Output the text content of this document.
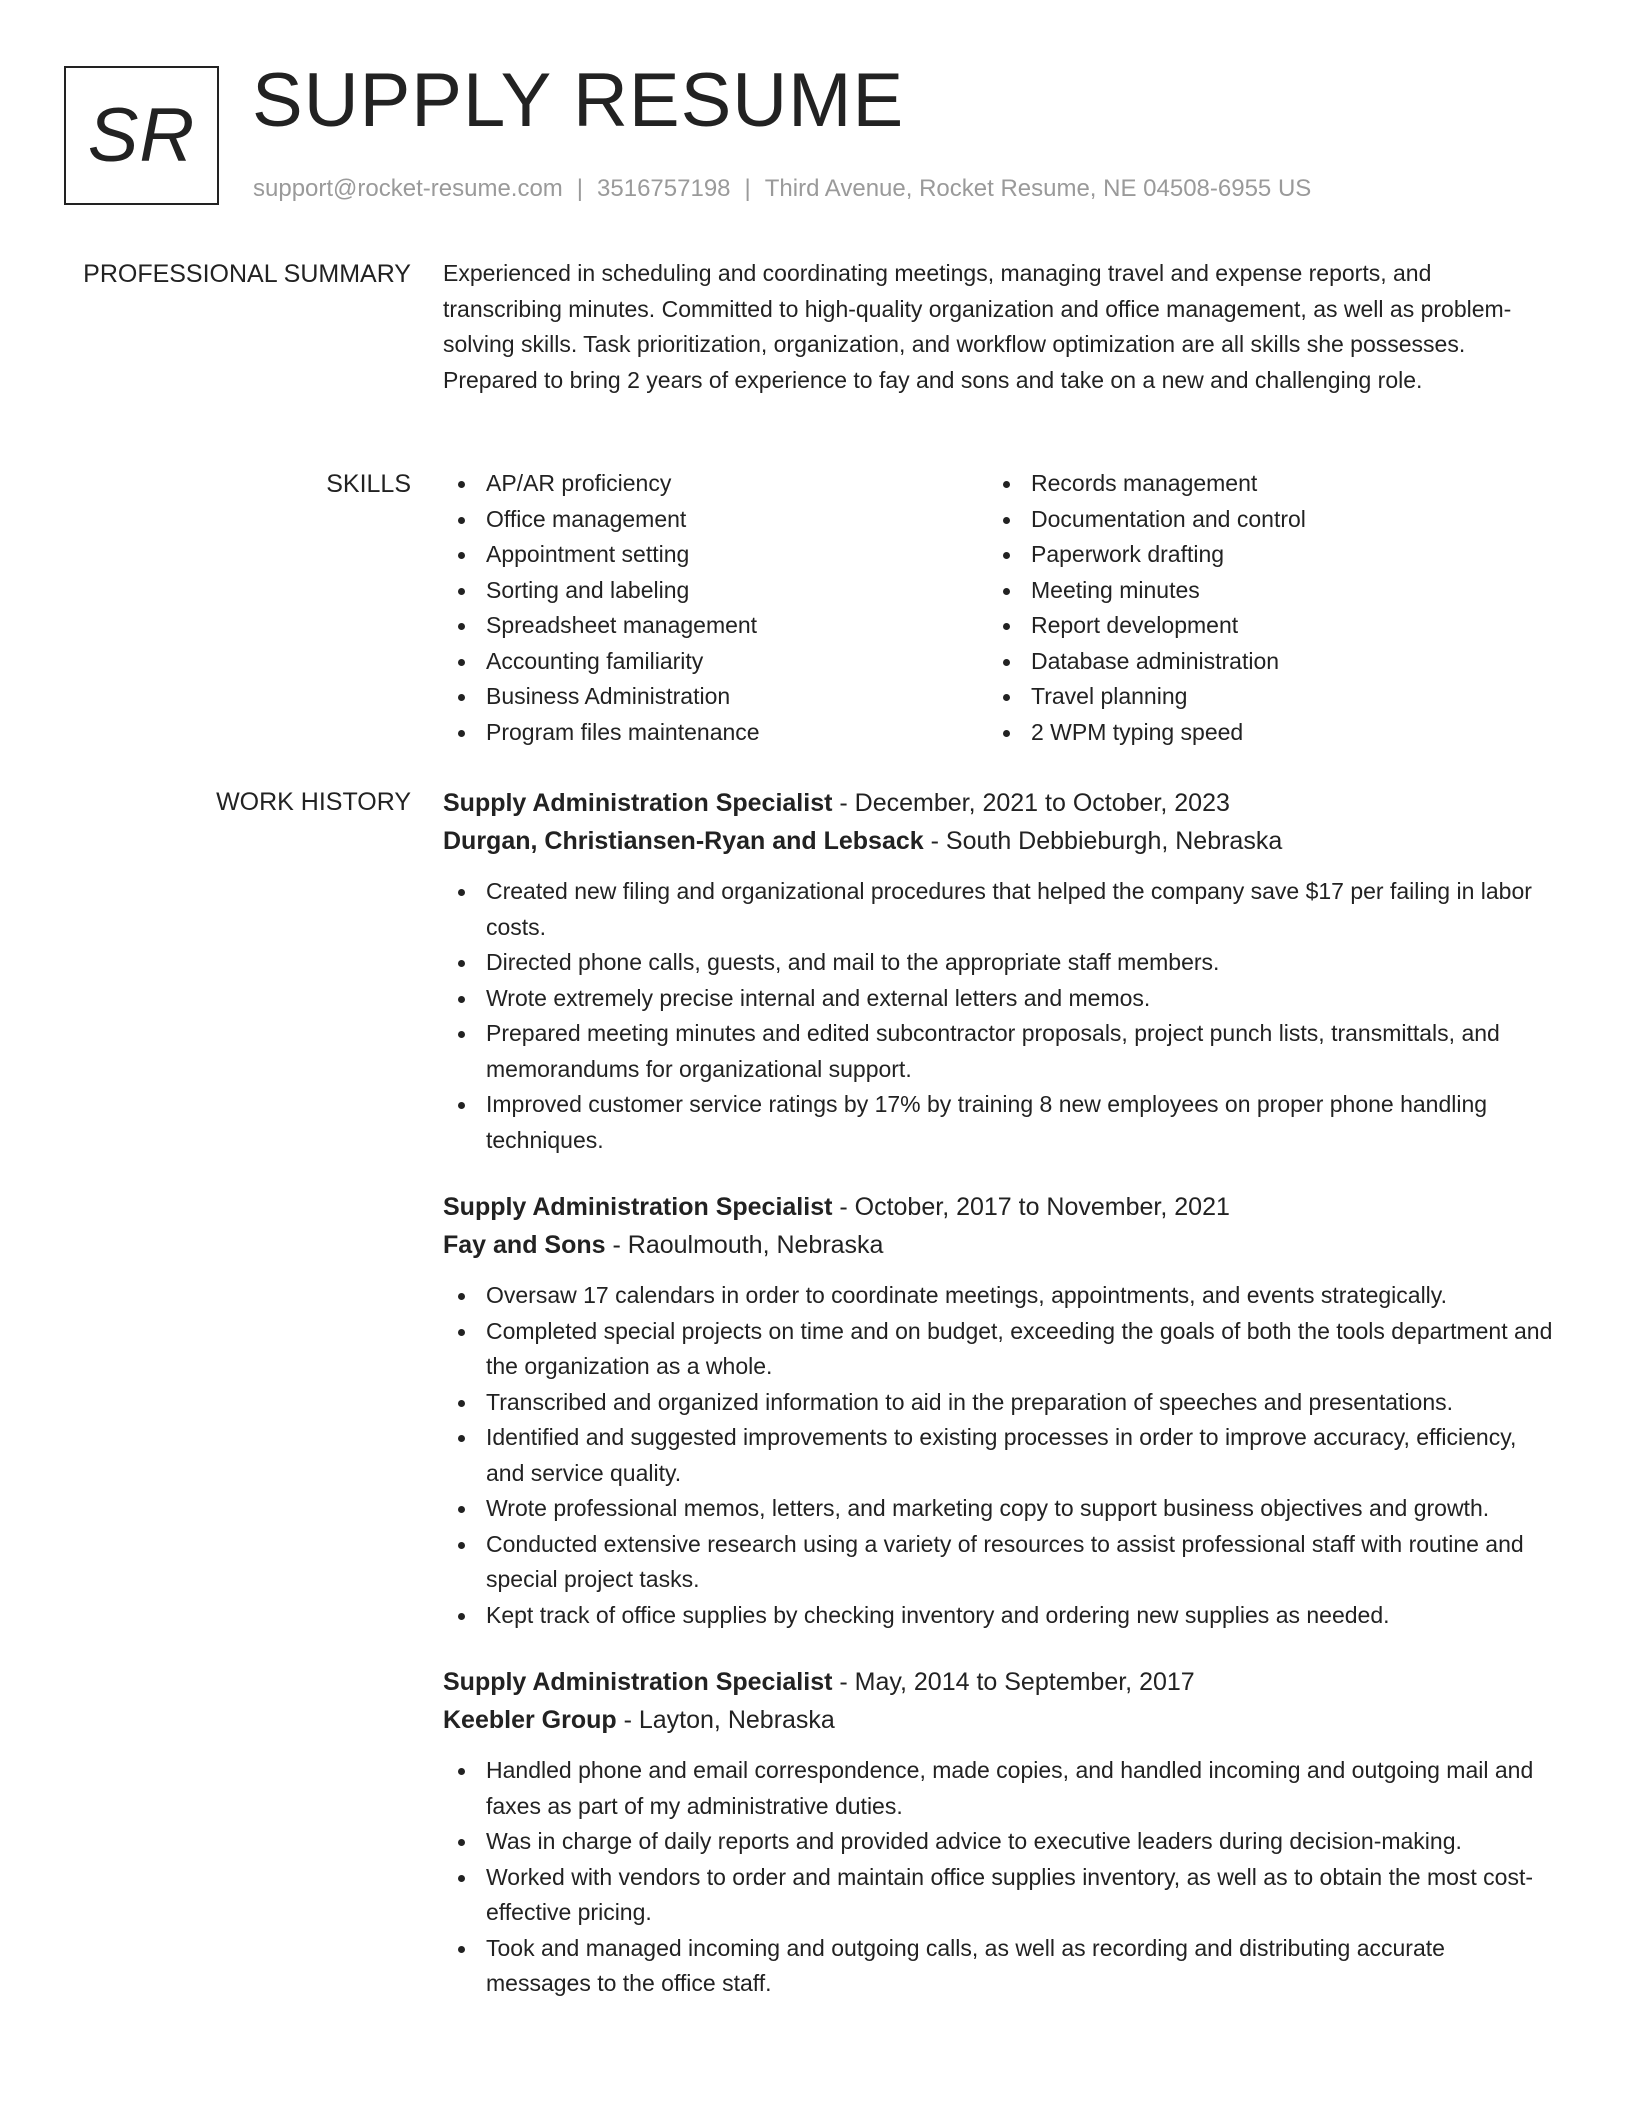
SR SUPPLY RESUME
support@rocket-resume.com | 3516757198 | Third Avenue, Rocket Resume, NE 04508-6955 US
PROFESSIONAL SUMMARY Experienced in scheduling and coordinating meetings, managing travel and expense reports, and transcribing minutes. Committed to high-quality organization and office management, as well as problem-solving skills. Task prioritization, organization, and workflow optimization are all skills she possesses. Prepared to bring 2 years of experience to fay and sons and take on a new and challenging role.
SKILLS	AP/AR proficiency
Office management
Appointment setting
Sorting and labeling
Spreadsheet management
Accounting familiarity
Business Administration
Program files maintenance
Records management
Documentation and control
Paperwork drafting
Meeting minutes
Report development
Database administration
Travel planning
2 WPM typing speed
WORK HISTORY Supply Administration Specialist - December, 2021 to October, 2023
Durgan, Christiansen-Ryan and Lebsack - South Debbieburgh, Nebraska
Created new filing and organizational procedures that helped the company save $17 per failing in labor costs.
Directed phone calls, guests, and mail to the appropriate staff members.
Wrote extremely precise internal and external letters and memos.
Prepared meeting minutes and edited subcontractor proposals, project punch lists, transmittals, and memorandums for organizational support.
Improved customer service ratings by 17% by training 8 new employees on proper phone handling techniques.
Supply Administration Specialist - October, 2017 to November, 2021
Fay and Sons - Raoulmouth, Nebraska
Oversaw 17 calendars in order to coordinate meetings, appointments, and events strategically.
Completed special projects on time and on budget, exceeding the goals of both the tools department and the organization as a whole.
Transcribed and organized information to aid in the preparation of speeches and presentations.
Identified and suggested improvements to existing processes in order to improve accuracy, efficiency, and service quality.
Wrote professional memos, letters, and marketing copy to support business objectives and growth.
Conducted extensive research using a variety of resources to assist professional staff with routine and special project tasks.
Kept track of office supplies by checking inventory and ordering new supplies as needed.
Supply Administration Specialist - May, 2014 to September, 2017
Keebler Group - Layton, Nebraska
Handled phone and email correspondence, made copies, and handled incoming and outgoing mail and faxes as part of my administrative duties.
Was in charge of daily reports and provided advice to executive leaders during decision-making.
Worked with vendors to order and maintain office supplies inventory, as well as to obtain the most cost-effective pricing.
Took and managed incoming and outgoing calls, as well as recording and distributing accurate messages to the office staff.
